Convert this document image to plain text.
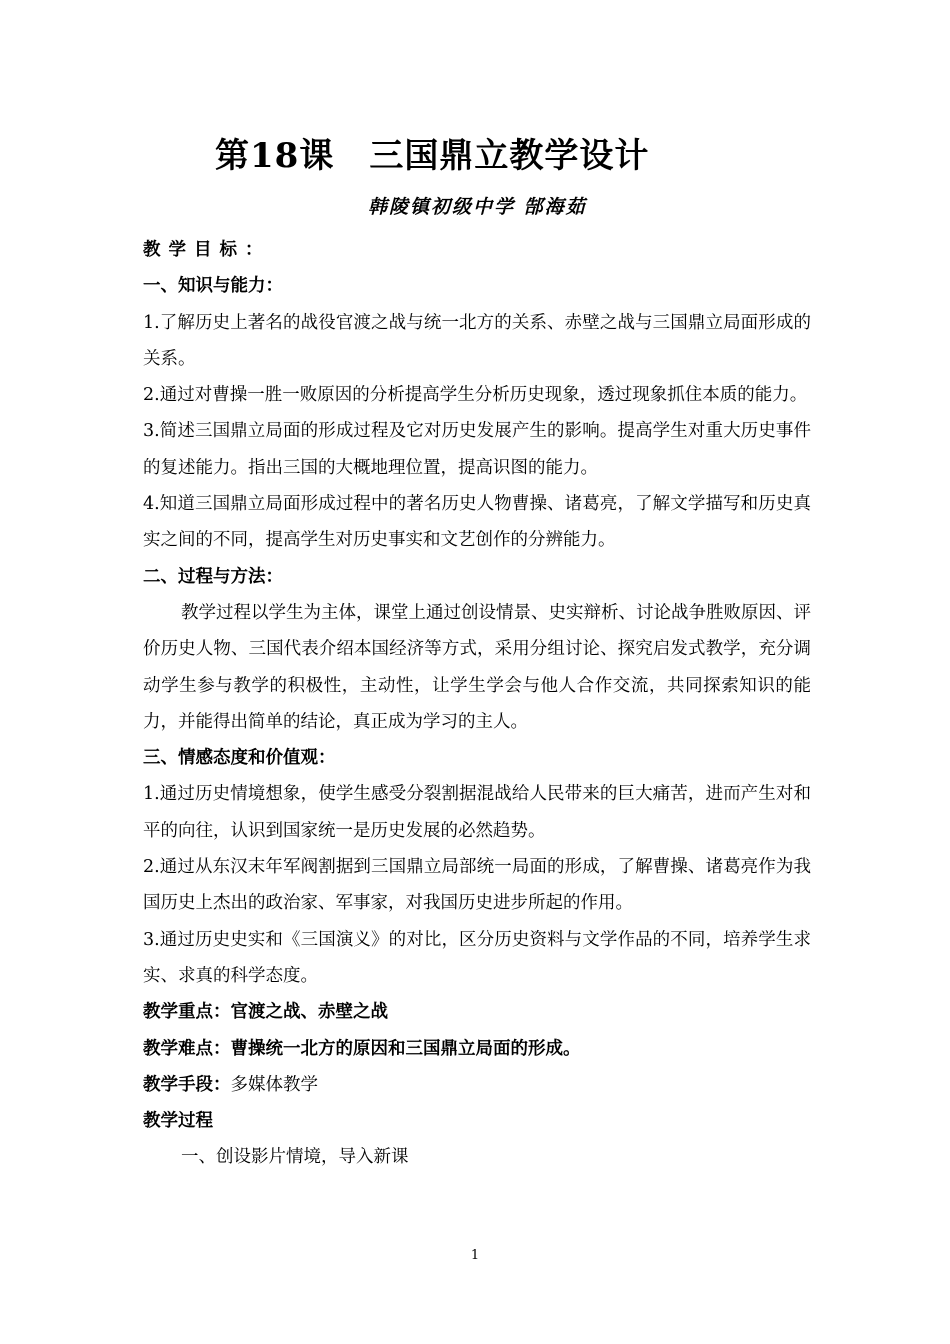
第18课　三国鼎立教学设计
韩陵镇初级中学 郜海茹

教学目标：

一、知识与能力：

1.了解历史上著名的战役官渡之战与统一北方的关系、赤壁之战与三国鼎立局面形成的关系。

2.通过对曹操一胜一败原因的分析提高学生分析历史现象，透过现象抓住本质的能力。

3.简述三国鼎立局面的形成过程及它对历史发展产生的影响。提高学生对重大历史事件的复述能力。指出三国的大概地理位置，提高识图的能力。

4.知道三国鼎立局面形成过程中的著名历史人物曹操、诸葛亮，了解文学描写和历史真实之间的不同，提高学生对历史事实和文艺创作的分辨能力。

二、过程与方法：

教学过程以学生为主体，课堂上通过创设情景、史实辩析、讨论战争胜败原因、评价历史人物、三国代表介绍本国经济等方式，采用分组讨论、探究启发式教学，充分调动学生参与教学的积极性，主动性，让学生学会与他人合作交流，共同探索知识的能力，并能得出简单的结论，真正成为学习的主人。

三、情感态度和价值观：

1.通过历史情境想象，使学生感受分裂割据混战给人民带来的巨大痛苦，进而产生对和平的向往，认识到国家统一是历史发展的必然趋势。

2.通过从东汉末年军阀割据到三国鼎立局部统一局面的形成，了解曹操、诸葛亮作为我国历史上杰出的政治家、军事家，对我国历史进步所起的作用。

3.通过历史史实和《三国演义》的对比，区分历史资料与文学作品的不同，培养学生求实、求真的科学态度。

教学重点：官渡之战、赤壁之战

教学难点：曹操统一北方的原因和三国鼎立局面的形成。

教学手段：多媒体教学

教学过程

一、创设影片情境，导入新课

1
